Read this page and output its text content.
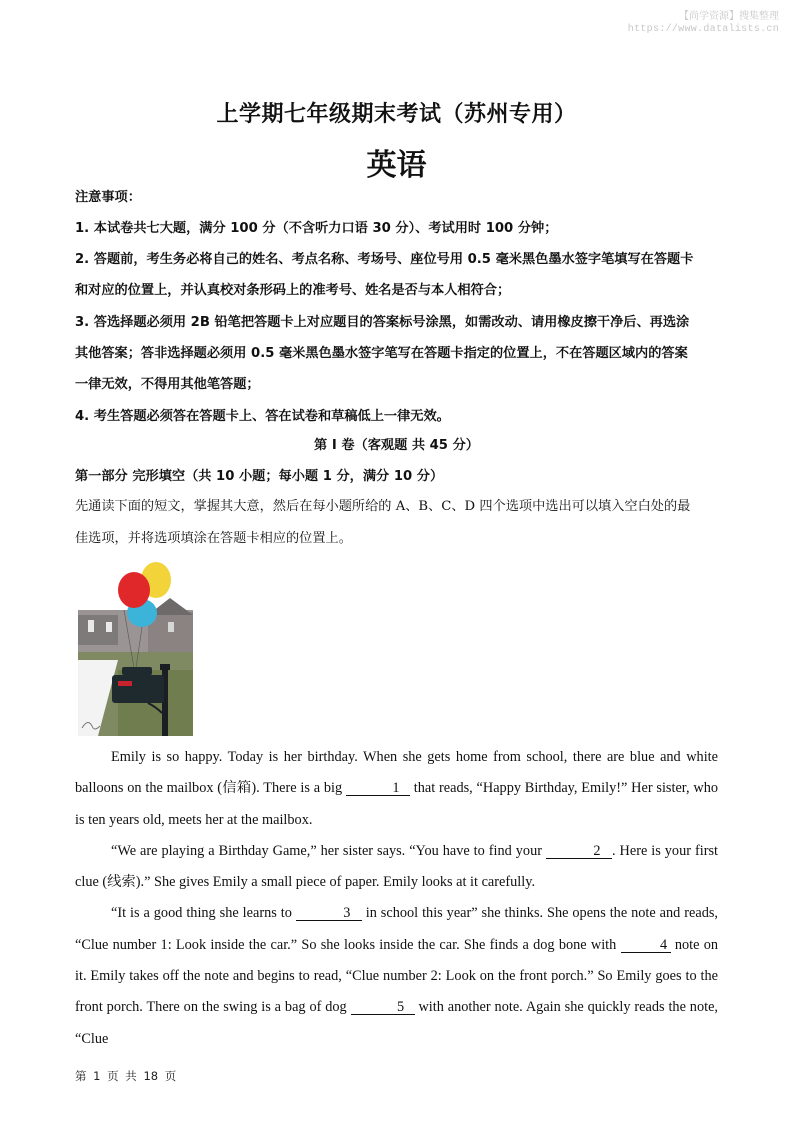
【尚学资源】搜集整理
https://www.datalists.cn
上学期七年级期末考试（苏州专用）
英语
注意事项：
1. 本试卷共七大题，满分 100 分（不含听力口语 30 分）、考试用时 100 分钟；
2. 答题前，考生务必将自己的姓名、考点名称、考场号、座位号用 0.5 毫米黑色墨水签字笔填写在答题卡
和对应的位置上，并认真校对条形码上的准考号、姓名是否与本人相符合；
3. 答选择题必须用 2B 铅笔把答题卡上对应题目的答案标号涂黑，如需改动、请用橡皮擦干净后、再选涂
其他答案；答非选择题必须用 0.5 毫米黑色墨水签字笔写在答题卡指定的位置上，不在答题区域内的答案
一律无效，不得用其他笔答题；
4. 考生答题必须答在答题卡上、答在试卷和草稿低上一律无效。
第 I 卷（客观题 共 45 分）
第一部分 完形填空（共 10 小题；每小题 1 分，满分 10 分）
先通读下面的短文，掌握其大意，然后在每小题所给的 A、B、C、D 四个选项中选出可以填入空白处的最
佳选项，并将选项填涂在答题卡相应的位置上。

Emily is so happy. Today is her birthday. When she gets home from school, there are blue and white balloons on the mailbox (信箱). There is a big	1 that reads, “Happy Birthday, Emily!” Her sister, who is ten years old, meets her at the mailbox.

“We are playing a Birthday Game,” her sister says. “You have to find your	2 . Here is your first clue (线索).” She gives Emily a small piece of paper. Emily looks at it carefully.

“It is a good thing she learns to	3 in school this year” she thinks. She opens the note and reads, “Clue number 1: Look inside the car.” So she looks inside the car. She finds a dog bone with	4 note on it. Emily takes off the note and begins to read, “Clue number 2: Look on the front porch.” So Emily goes to the front porch. There on the swing is a bag of dog	5 with another note. Again she quickly reads the note, “Clue

第 1 页 共 18 页
